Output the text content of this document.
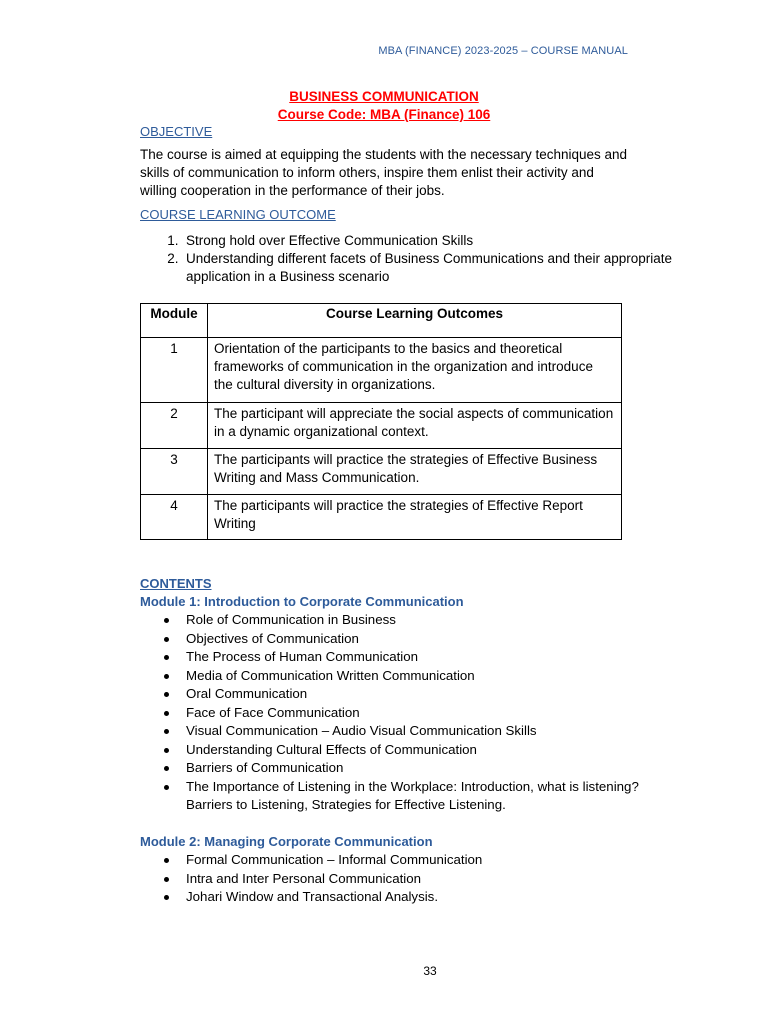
MBA (FINANCE) 2023-2025 – COURSE MANUAL
BUSINESS COMMUNICATION
Course Code: MBA (Finance) 106
OBJECTIVE
The course is aimed at equipping the students with the necessary techniques and skills of communication to inform others, inspire them enlist their activity and willing cooperation in the performance of their jobs.
COURSE LEARNING OUTCOME
1. Strong hold over Effective Communication Skills
2. Understanding different facets of Business Communications and their appropriate application in a Business scenario
Module	Course Learning Outcomes
1	Orientation of the participants to the basics and theoretical frameworks of communication in the organization and introduce the cultural diversity in organizations.
2	The participant will appreciate the social aspects of communication in a dynamic organizational context.
3	The participants will practice the strategies of Effective Business Writing and Mass Communication.
4	The participants will practice the strategies of Effective Report Writing
CONTENTS
Module 1: Introduction to Corporate Communication
Role of Communication in Business
Objectives of Communication
The Process of Human Communication
Media of Communication Written Communication
Oral Communication
Face of Face Communication
Visual Communication – Audio Visual Communication Skills
Understanding Cultural Effects of Communication
Barriers of Communication
The Importance of Listening in the Workplace: Introduction, what is listening? Barriers to Listening, Strategies for Effective Listening.
Module 2: Managing Corporate Communication
Formal Communication – Informal Communication
Intra and Inter Personal Communication
Johari Window and Transactional Analysis.
33
